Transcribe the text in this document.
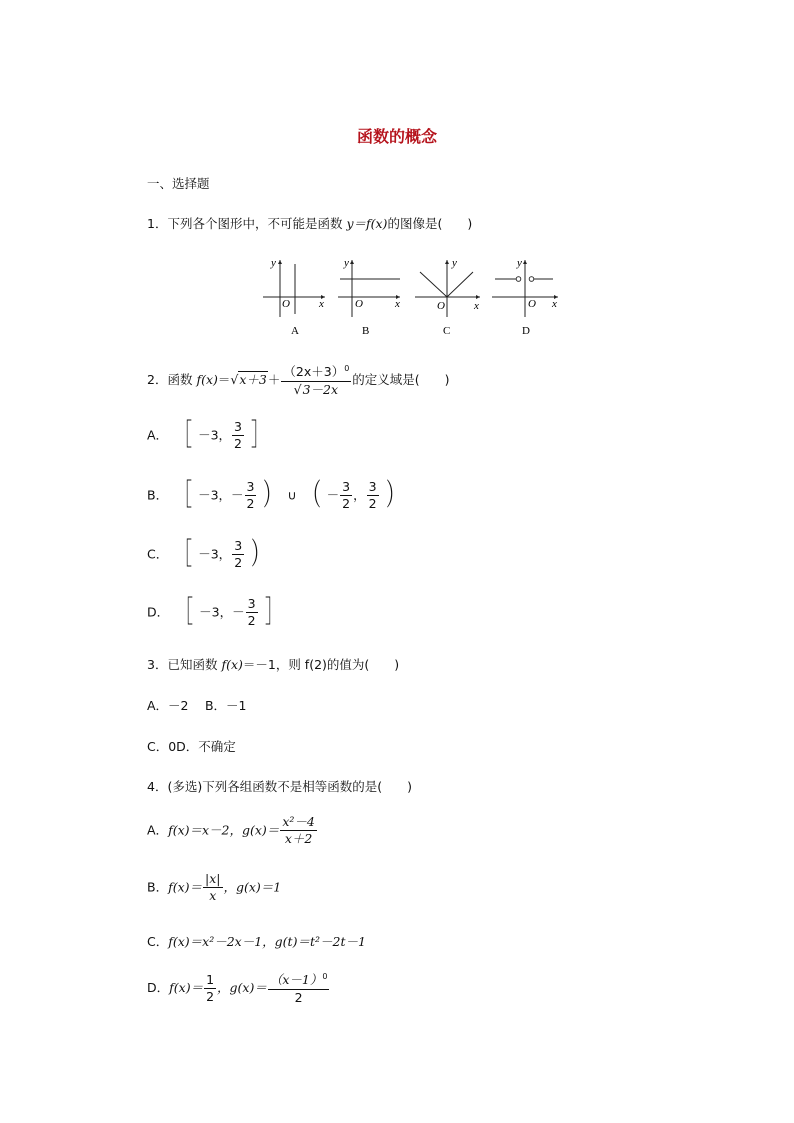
函数的概念
一、选择题
1．下列各个图形中，不可能是函数 y＝f(x)的图像是(　　)
y
O	x
A
y
O	x
B
y
O	x
C
y
O x
D
2．函数 $f(x)=√x+3+ \frac{(2x+3)^0}{√3-2x}$ 的定义域是(　　)
A． ［ －3， $\frac{3}{2}$ ］
B． ［ －3，－ $\frac{3}{2}$ ） ∪ （ － $\frac{3}{2}$ ， $\frac{3}{2}$ ）
C． ［ －3， $\frac{3}{2}$ ）
D． ［ －3，－ $\frac{3}{2}$ ］
3．已知函数 f(x)＝－1，则 f(2)的值为(　　)
A．－2　 B．－1
C．0D．不确定
4．(多选)下列各组函数不是相等函数的是(　　)
A．f(x)＝x－2，$g(x)= \frac{\text{x²－4}}{x+2}$
B．$f(x)= \frac{|x|}{x}$ ，g(x)＝1
C．f(x)＝x²－2x－1，g(t)＝t²－2t－1
D．$f(x)= \frac{1}{2}$ ，$g(x)= \frac{(x-1)^0}{2}$
